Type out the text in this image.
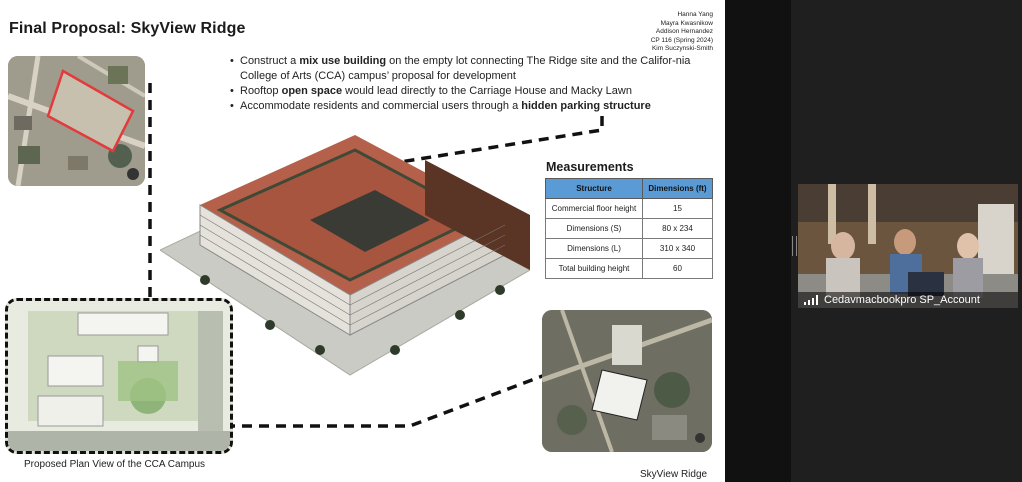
Final Proposal: SkyView Ridge
Hanna Yang
Mayra Kwasnikow
Addison Hernandez
CP 116 (Spring 2024)
Kim Suczynski-Smith
• Construct a mix use building on the empty lot connecting The Ridge site and the Califor-nia College of Arts (CCA) campus’ proposal for development
• Rooftop open space would lead directly to the Carriage House and Macky Lawn
• Accommodate residents and commercial users through a hidden parking structure
Proposed Plan View of the CCA Campus
Measurements
Structure	Dimensions (ft)
Commercial floor height	15
Dimensions (S)	80 x 234
Dimensions (L)	310 x 340
Total building height	60
SkyView Ridge
Cedavmacbookpro SP_Account
